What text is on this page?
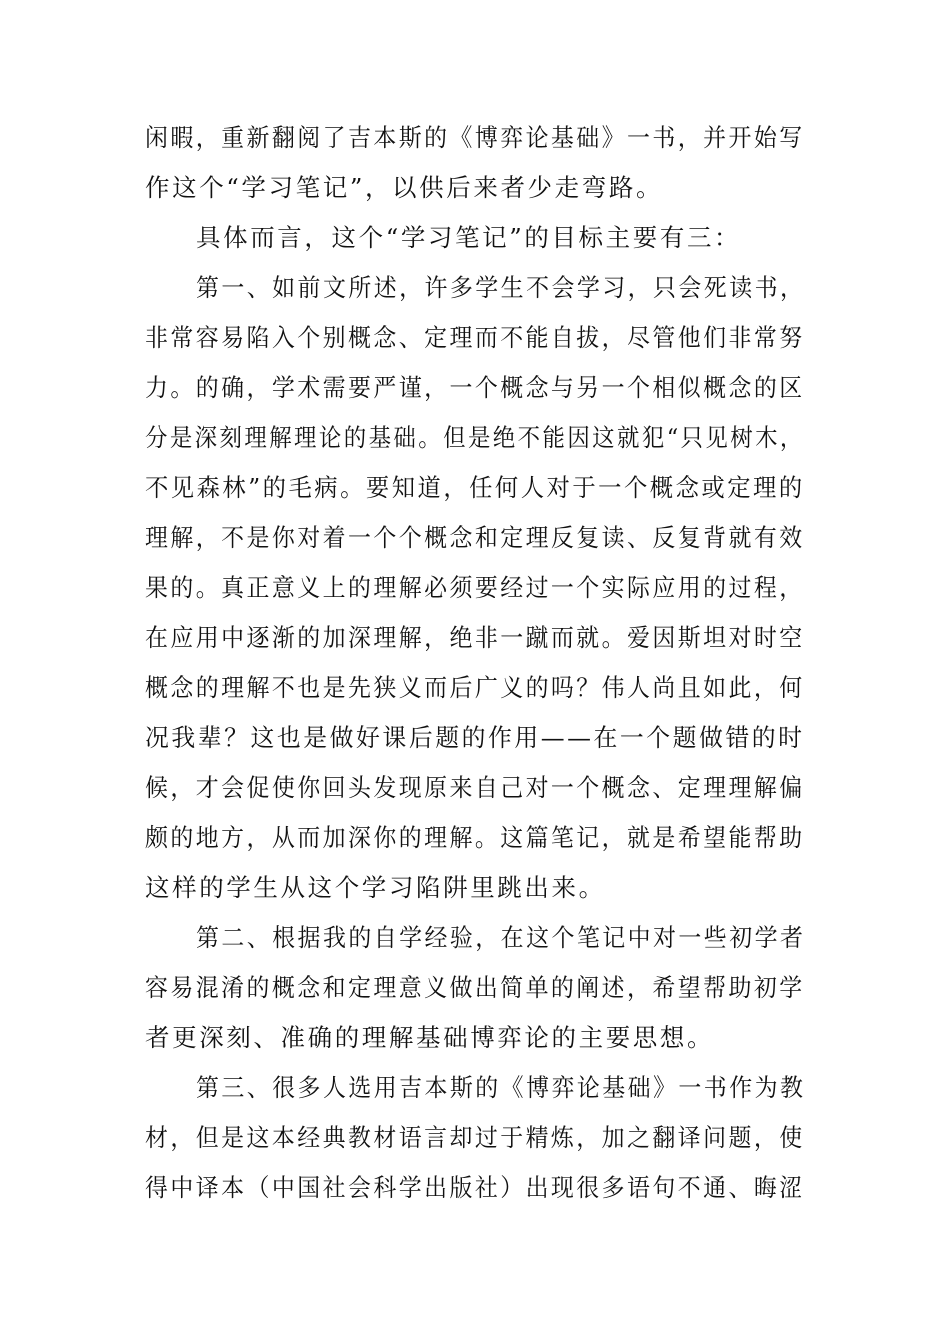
闲暇，重新翻阅了吉本斯的《博弈论基础》一书，并开始写
作这个“学习笔记”，以供后来者少走弯路。
具体而言，这个“学习笔记”的目标主要有三：
第一、如前文所述，许多学生不会学习，只会死读书，
非常容易陷入个别概念、定理而不能自拔，尽管他们非常努
力。的确，学术需要严谨，一个概念与另一个相似概念的区
分是深刻理解理论的基础。但是绝不能因这就犯“只见树木，
不见森林”的毛病。要知道，任何人对于一个概念或定理的
理解，不是你对着一个个概念和定理反复读、反复背就有效
果的。真正意义上的理解必须要经过一个实际应用的过程，
在应用中逐渐的加深理解，绝非一蹴而就。爱因斯坦对时空
概念的理解不也是先狭义而后广义的吗？伟人尚且如此，何
况我辈？这也是做好课后题的作用——在一个题做错的时
候，才会促使你回头发现原来自己对一个概念、定理理解偏
颇的地方，从而加深你的理解。这篇笔记，就是希望能帮助
这样的学生从这个学习陷阱里跳出来。
第二、根据我的自学经验，在这个笔记中对一些初学者
容易混淆的概念和定理意义做出简单的阐述，希望帮助初学
者更深刻、准确的理解基础博弈论的主要思想。
第三、很多人选用吉本斯的《博弈论基础》一书作为教
材，但是这本经典教材语言却过于精炼，加之翻译问题，使
得中译本（中国社会科学出版社）出现很多语句不通、晦涩
